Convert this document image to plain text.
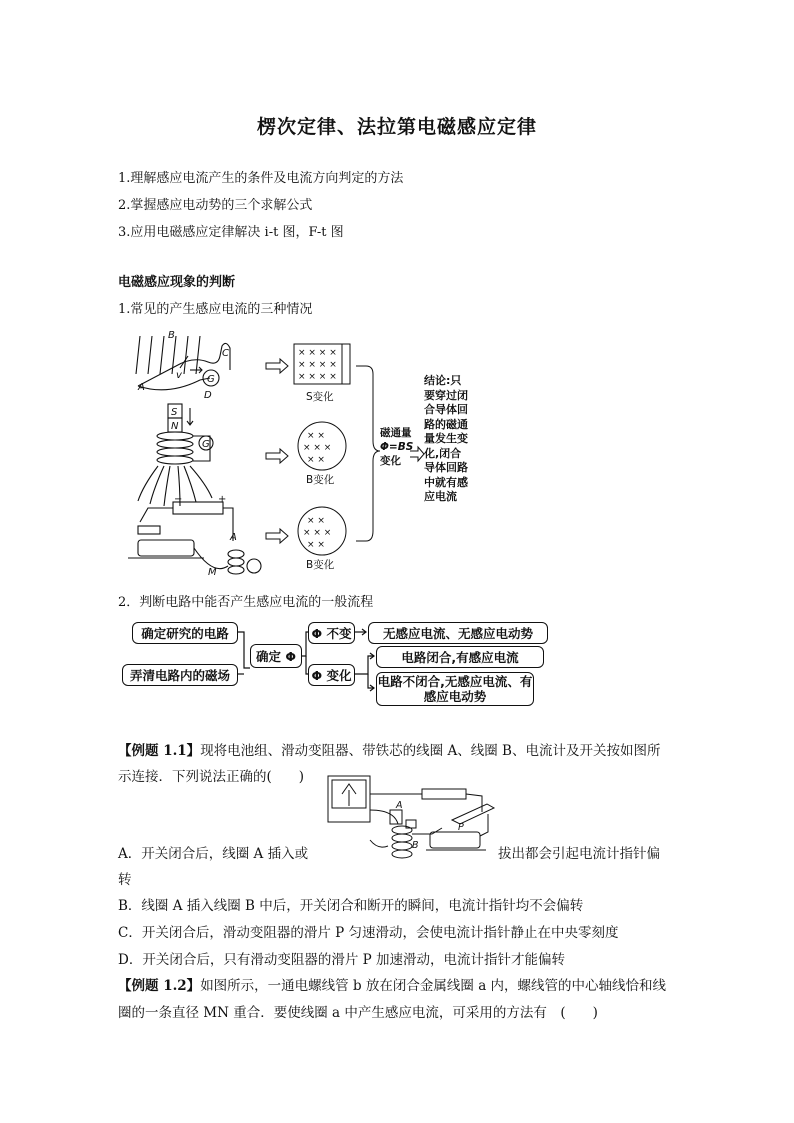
楞次定律、法拉第电磁感应定律
1.理解感应电流产生的条件及电流方向判定的方法
2.掌握感应电动势的三个求解公式
3.应用电磁感应定律解决 i-t 图，F-t 图
电磁感应现象的判断
1.常见的产生感应电流的三种情况
B
C
A
D
v	G
S
N
G
M
A
+
−
× × × ×
× × × ×
× × × ×
× ×
× × ×
× ×
× ×
× × ×
× ×
S变化
B变化
B变化
磁通量
Φ=BS
变化
结论:只要穿过闭合导体回路的磁通量发生变化,闭合导体回路中就有感应电流
2．判断电路中能否产生感应电流的一般流程
确定研究的电路
弄清电路内的磁场
确定 Φ
Φ 不变
Φ 变化
无感应电流、无感应电动势
电路闭合,有感应电流
电路不闭合,无感应电流、有感应电动势
【例题 1.1】现将电池组、滑动变阻器、带铁芯的线圈 A、线圈 B、电流计及开关按如图所
示连接．下列说法正确的(　　)
A
B
P
A．开关闭合后，线圈 A 插入或	拔出都会引起电流计指针偏
转
B．线圈 A 插入线圈 B 中后，开关闭合和断开的瞬间，电流计指针均不会偏转
C．开关闭合后，滑动变阻器的滑片 P 匀速滑动，会使电流计指针静止在中央零刻度
D．开关闭合后，只有滑动变阻器的滑片 P 加速滑动，电流计指针才能偏转
【例题 1.2】如图所示，一通电螺线管 b 放在闭合金属线圈 a 内，螺线管的中心轴线恰和线
圈的一条直径 MN 重合．要使线圈 a 中产生感应电流，可采用的方法有　(　　)
